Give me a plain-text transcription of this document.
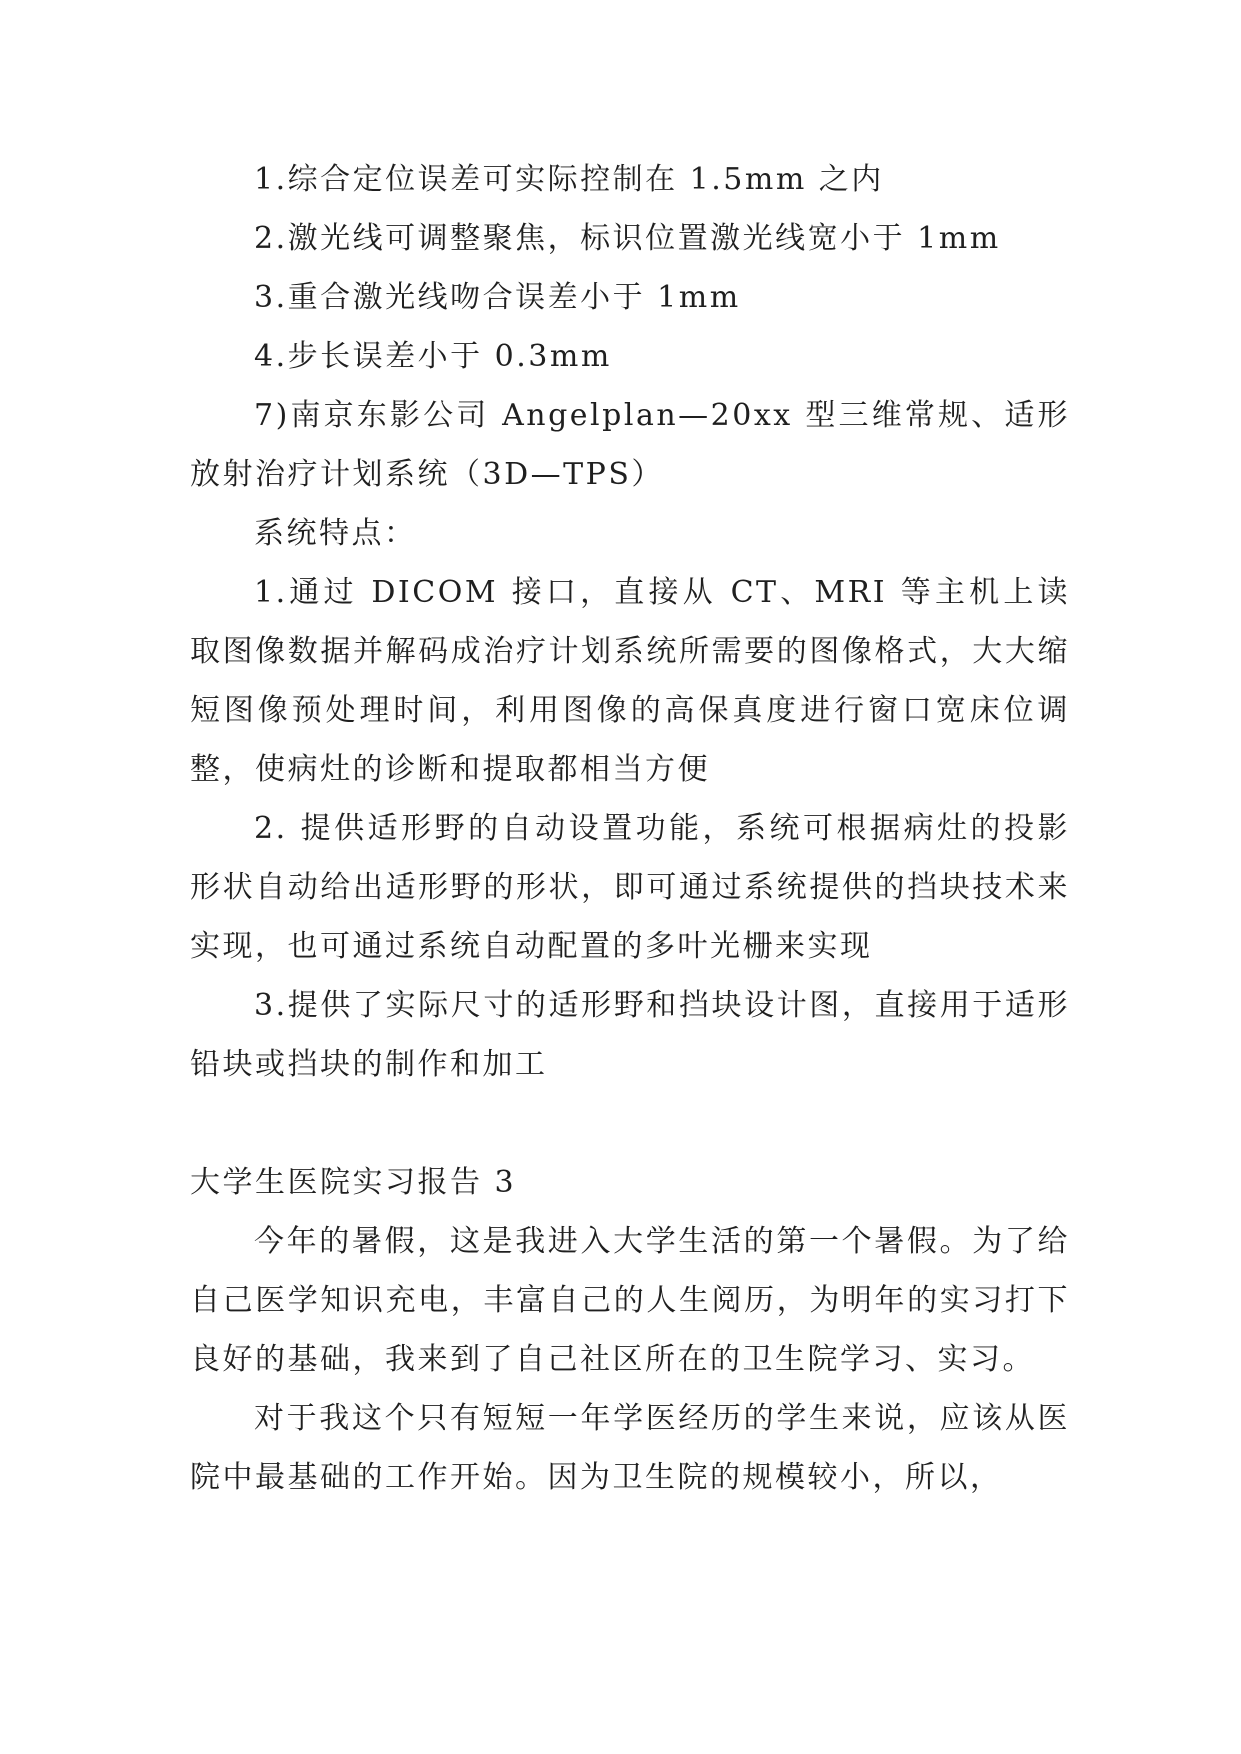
1.综合定位误差可实际控制在 1.5mm 之内

2.激光线可调整聚焦，标识位置激光线宽小于 1mm

3.重合激光线吻合误差小于 1mm

4.步长误差小于 0.3mm

7)南京东影公司 Angelplan—20xx 型三维常规、适形放射治疗计划系统（3D—TPS）

系统特点：

1.通过 DICOM 接口，直接从 CT、MRI 等主机上读取图像数据并解码成治疗计划系统所需要的图像格式，大大缩短图像预处理时间，利用图像的高保真度进行窗口宽床位调整，使病灶的诊断和提取都相当方便

2. 提供适形野的自动设置功能，系统可根据病灶的投影形状自动给出适形野的形状，即可通过系统提供的挡块技术来实现，也可通过系统自动配置的多叶光栅来实现

3.提供了实际尺寸的适形野和挡块设计图，直接用于适形铅块或挡块的制作和加工

大学生医院实习报告 3

今年的暑假，这是我进入大学生活的第一个暑假。为了给自己医学知识充电，丰富自己的人生阅历，为明年的实习打下良好的基础，我来到了自己社区所在的卫生院学习、实习。

对于我这个只有短短一年学医经历的学生来说，应该从医院中最基础的工作开始。因为卫生院的规模较小，所以，
